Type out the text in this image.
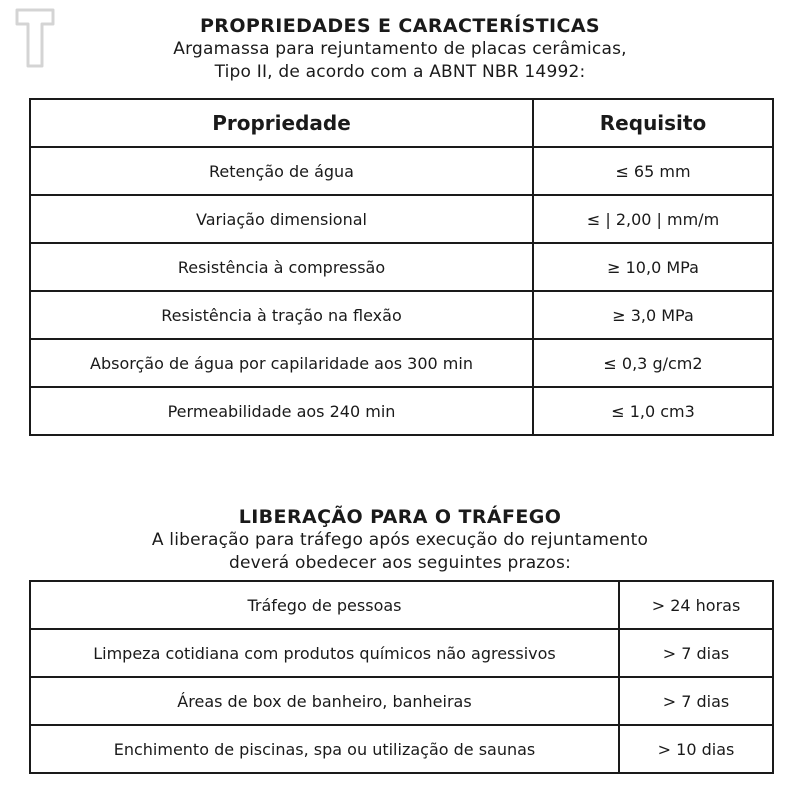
PROPRIEDADES E CARACTERÍSTICAS
Argamassa para rejuntamento de placas cerâmicas,
Tipo II, de acordo com a ABNT NBR 14992:
Propriedade	Requisito
Retenção de água	≤ 65 mm
Variação dimensional	≤ | 2,00 | mm/m
Resistência à compressão	≥ 10,0 MPa
Resistência à tração na flexão	≥ 3,0 MPa
Absorção de água por capilaridade aos 300 min	≤ 0,3 g/cm2
Permeabilidade aos 240 min	≤ 1,0 cm3
LIBERAÇÃO PARA O TRÁFEGO
A liberação para tráfego após execução do rejuntamento
deverá obedecer aos seguintes prazos:
Tráfego de pessoas	> 24 horas
Limpeza cotidiana com produtos químicos não agressivos	> 7 dias
Áreas de box de banheiro, banheiras	> 7 dias
Enchimento de piscinas, spa ou utilização de saunas	> 10 dias
